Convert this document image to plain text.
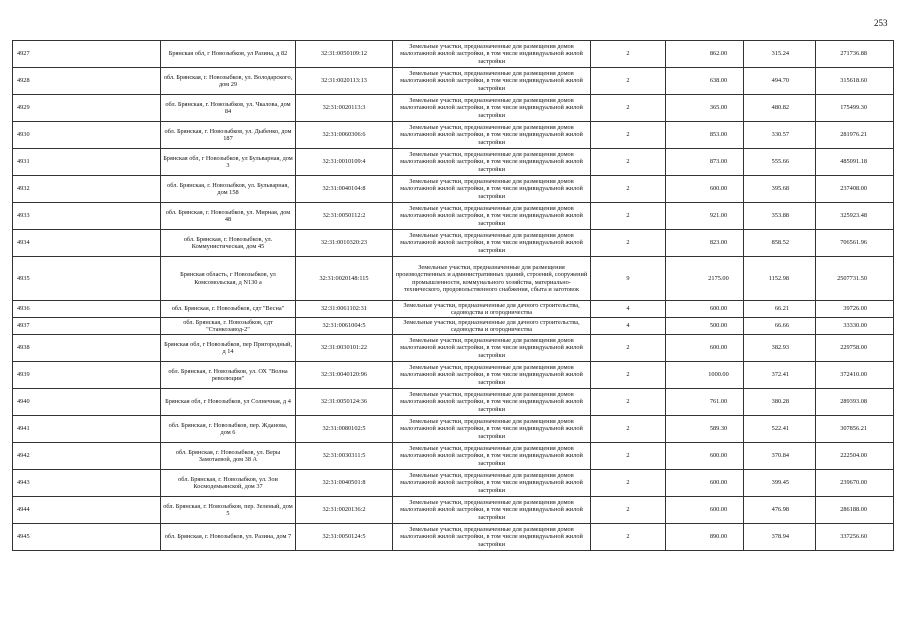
253
4927	Брянская обл, г Новозыбков, ул Разина, д 82	32:31:0050109:12	Земельные участки, предназначенные для размещения домов малоэтажной жилой застройки, в том числе индивидуальной жилой застройки	2	862.00	315.24	271736.88
4928	обл. Брянская, г. Новозыбков, ул. Володарского, дом 29	32:31:0020113:13	Земельные участки, предназначенные для размещения домов малоэтажной жилой застройки, в том числе индивидуальной жилой застройки	2	638.00	494.70	315618.60
4929	обл. Брянская, г. Новозыбков, ул. Чкалова, дом 84	32:31:0020113:3	Земельные участки, предназначенные для размещения домов малоэтажной жилой застройки, в том числе индивидуальной жилой застройки	2	365.00	480.82	175499.30
4930	обл. Брянская, г. Новозыбков, ул. Дыбенко, дом 187	32:31:0060306:6	Земельные участки, предназначенные для размещения домов малоэтажной жилой застройки, в том числе индивидуальной жилой застройки	2	853.00	330.57	281976.21
4931	Брянская обл, г Новозыбков, ул Бульварная, дом 3	32:31:0010109:4	Земельные участки, предназначенные для размещения домов малоэтажной жилой застройки, в том числе индивидуальной жилой застройки	2	873.00	555.66	485091.18
4932	обл. Брянская, г. Новозыбков, ул. Бульварная, дом 158	32:31:0040104:8	Земельные участки, предназначенные для размещения домов малоэтажной жилой застройки, в том числе индивидуальной жилой застройки	2	600.00	395.68	237408.00
4933	обл. Брянская, г. Новозыбков, ул. Мирная, дом 48	32:31:0050112:2	Земельные участки, предназначенные для размещения домов малоэтажной жилой застройки, в том числе индивидуальной жилой застройки	2	921.00	353.88	325923.48
4934	обл. Брянская, г. Новозыбков, ул. Коммунистическая, дом 45	32:31:0010320:23	Земельные участки, предназначенные для размещения домов малоэтажной жилой застройки, в том числе индивидуальной жилой застройки	2	823.00	858.52	706561.96
4935	Брянская область, г Новозыбков, ул Комсомольская, д N130 а	32:31:0020148:115	Земельные участки, предназначенные для размещения производственных и административных зданий, строений, сооружений промышленности, коммунального хозяйства, материально-технического, продовольственного снабжения, сбыта и заготовок	9	2175.00	1152.98	2507731.50
4936	обл. Брянская, г. Новозыбков, сдт "Весна"	32:31:0061102:31	Земельные участки, предназначенные для дачного строительства, садоводства и огородничества	4	600.00	66.21	39726.00
4937	обл. Брянская, г. Новозыбков, сдт "Станкозавод-2"	32:31:0061004:5	Земельные участки, предназначенные для дачного строительства, садоводства и огородничества	4	500.00	66.66	33330.00
4938	Брянская обл, г Новозыбков, пер Пригородный, д 14	32:31:0030101:22	Земельные участки, предназначенные для размещения домов малоэтажной жилой застройки, в том числе индивидуальной жилой застройки	2	600.00	382.93	229758.00
4939	обл. Брянская, г. Новозыбков, ул. ОХ "Волна революции"	32:31:0040120:96	Земельные участки, предназначенные для размещения домов малоэтажной жилой застройки, в том числе индивидуальной жилой застройки	2	1000.00	372.41	372410.00
4940	Брянская обл, г Новозыбков, ул Солнечная, д 4	32:31:0050124:36	Земельные участки, предназначенные для размещения домов малоэтажной жилой застройки, в том числе индивидуальной жилой застройки	2	761.00	380.28	289393.08
4941	обл. Брянская, г. Новозыбков, пер. Жданова, дом 6	32:31:0080102:5	Земельные участки, предназначенные для размещения домов малоэтажной жилой застройки, в том числе индивидуальной жилой застройки	2	589.30	522.41	307856.21
4942	обл. Брянская, г. Новозыбков, ул. Веры Замотаевой, дом 38 А	32:31:0030311:5	Земельные участки, предназначенные для размещения домов малоэтажной жилой застройки, в том числе индивидуальной жилой застройки	2	600.00	370.84	222504.00
4943	обл. Брянская, г. Новозыбков, ул. Зои Космодемьянской, дом 37	32:31:0040501:8	Земельные участки, предназначенные для размещения домов малоэтажной жилой застройки, в том числе индивидуальной жилой застройки	2	600.00	399.45	239670.00
4944	обл. Брянская, г. Новозыбков, пер. Зеленый, дом 5	32:31:0020136:2	Земельные участки, предназначенные для размещения домов малоэтажной жилой застройки, в том числе индивидуальной жилой застройки	2	600.00	476.98	286188.00
4945	обл. Брянская, г. Новозыбков, ул. Разина, дом 7	32:31:0050124:5	Земельные участки, предназначенные для размещения домов малоэтажной жилой застройки, в том числе индивидуальной жилой застройки	2	890.00	378.94	337256.60
